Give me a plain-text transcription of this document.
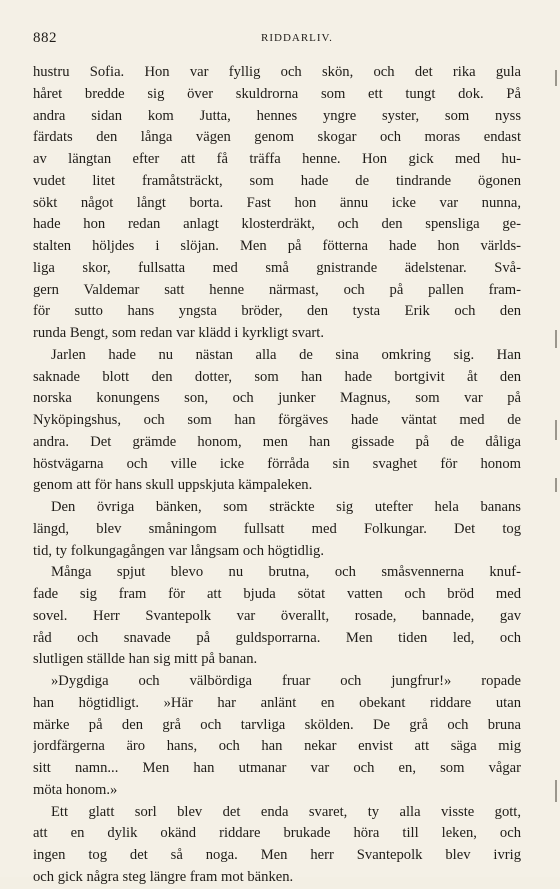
882	RIDDARLIV.
hustru Sofia. Hon var fyllig och skön, och det rika gula
håret bredde sig över skuldrorna som ett tungt dok. På
andra sidan kom Jutta, hennes yngre syster, som nyss
färdats den långa vägen genom skogar och moras endast
av längtan efter att få träffa henne. Hon gick med hu-
vudet litet framåtsträckt, som hade de tindrande ögonen
sökt något långt borta. Fast hon ännu icke var nunna,
hade hon redan anlagt klosterdräkt, och den spensliga ge-
stalten höljdes i slöjan. Men på fötterna hade hon världs-
liga skor, fullsatta med små gnistrande ädelstenar. Svå-
gern Valdemar satt henne närmast, och på pallen fram-
för sutto hans yngsta bröder, den tysta Erik och den
runda Bengt, som redan var klädd i kyrkligt svart.
Jarlen hade nu nästan alla de sina omkring sig. Han
saknade blott den dotter, som han hade bortgivit åt den
norska konungens son, och junker Magnus, som var på
Nyköpingshus, och som han förgäves hade väntat med de
andra. Det grämde honom, men han gissade på de dåliga
höstvägarna och ville icke förråda sin svaghet för honom
genom att för hans skull uppskjuta kämpaleken.
Den övriga bänken, som sträckte sig utefter hela banans
längd, blev småningom fullsatt med Folkungar. Det tog
tid, ty folkungagången var långsam och högtidlig.
Många spjut blevo nu brutna, och småsvennerna knuf-
fade sig fram för att bjuda sötat vatten och bröd med
sovel. Herr Svantepolk var överallt, rosade, bannade, gav
råd och snavade på guldsporrarna. Men tiden led, och
slutligen ställde han sig mitt på banan.
»Dygdiga och välbördiga fruar och jungfrur!» ropade
han högtidligt. »Här har anlänt en obekant riddare utan
märke på den grå och tarvliga skölden. De grå och bruna
jordfärgerna äro hans, och han nekar envist att säga mig
sitt namn... Men han utmanar var och en, som vågar
möta honom.»
Ett glatt sorl blev det enda svaret, ty alla visste gott,
att en dylik okänd riddare brukade höra till leken, och
ingen tog det så noga. Men herr Svantepolk blev ivrig
och gick några steg längre fram mot bänken.
